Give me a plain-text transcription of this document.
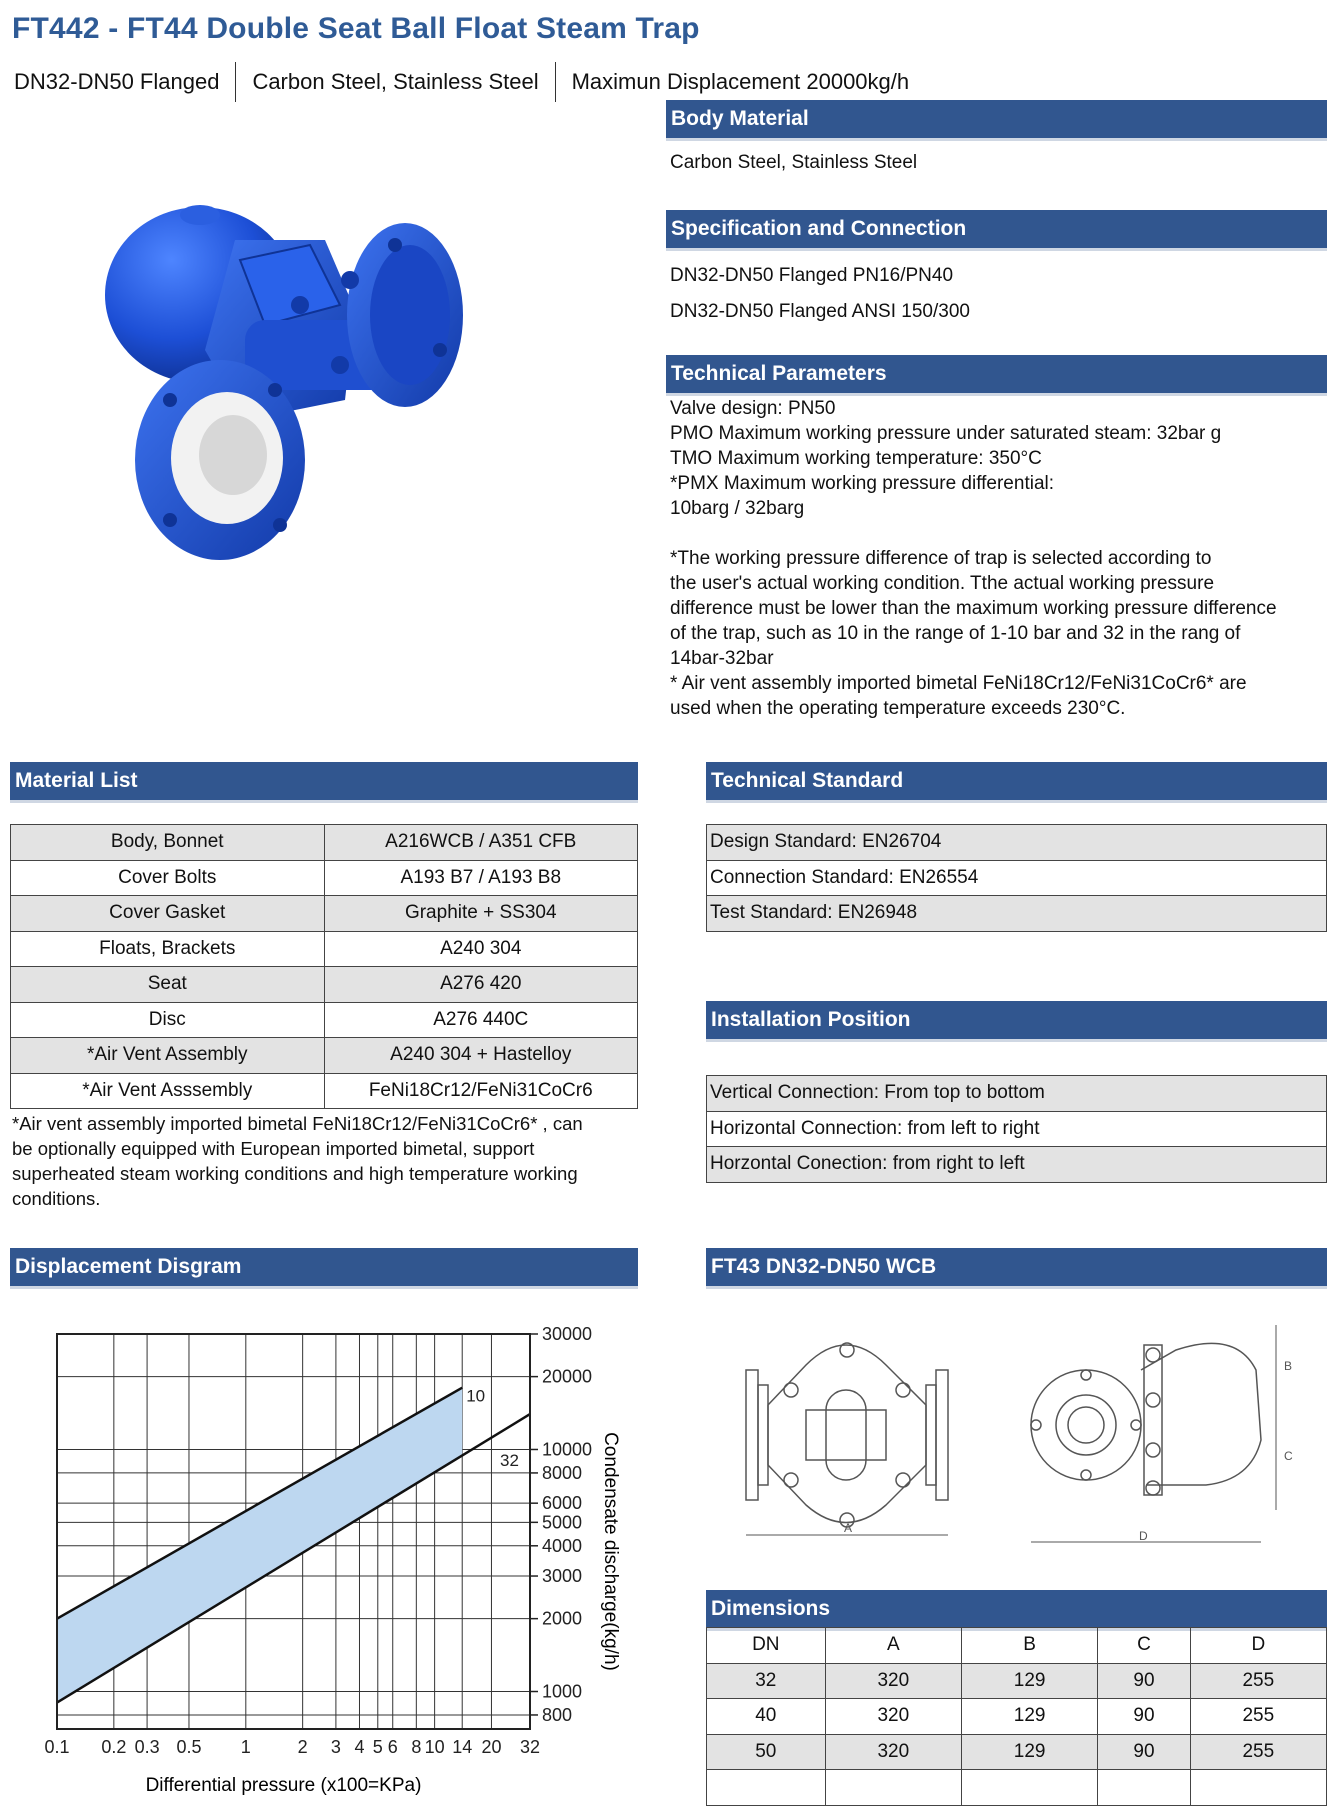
FT442 - FT44 Double Seat Ball Float Steam Trap
DN32-DN50 Flanged	Carbon Steel, Stainless Steel	Maximun Displacement 20000kg/h
Body Material
Carbon Steel, Stainless Steel
Specification and Connection
DN32-DN50 Flanged PN16/PN40
DN32-DN50 Flanged ANSI 150/300
Technical Parameters
Valve design: PN50
PMO Maximum working pressure under saturated steam: 32bar g
TMO Maximum working temperature: 350°C
*PMX Maximum working pressure differential:
10barg / 32barg
*The working pressure difference of trap is selected according to
the user's actual working condition. Tthe actual working pressure
difference must be lower than the maximum working pressure difference
of the trap, such as 10 in the range of 1-10 bar and 32 in the rang of
14bar-32bar
* Air vent assembly imported bimetal FeNi18Cr12/FeNi31CoCr6* are
used when the operating temperature exceeds 230°C.
Material List
Body, Bonnet	A216WCB / A351 CFB
Cover Bolts	A193 B7 / A193 B8
Cover Gasket	Graphite + SS304
Floats, Brackets	A240 304
Seat	A276 420
Disc	A276 440C
*Air Vent Assembly	A240 304 + Hastelloy
*Air Vent Asssembly	FeNi18Cr12/FeNi31CoCr6
*Air vent assembly imported bimetal FeNi18Cr12/FeNi31CoCr6* , can
be optionally equipped with European imported bimetal, support
superheated steam working conditions and high temperature working
conditions.
Technical Standard
Design Standard: EN26704
Connection Standard: EN26554
Test Standard: EN26948
Installation Position
Vertical Connection: From top to bottom
Horizontal Connection: from left to right
Horzontal Conection: from right to left
Displacement Disgram
0.1 0.2 0.3 0.5 1	2 3 4 5 6 8 10 14 20 32
30000
20000
10000
8000
6000
5000
4000
3000
2000
1000
800
10
32
Differential pressure (x100=KPa)
Condensate discharge(kg/h)
FT43 DN32-DN50 WCB
A
D
B
C
Dimensions
DN	A	B	C	D
32	320	129	90	255
40	320	129	90	255
50	320	129	90	255
